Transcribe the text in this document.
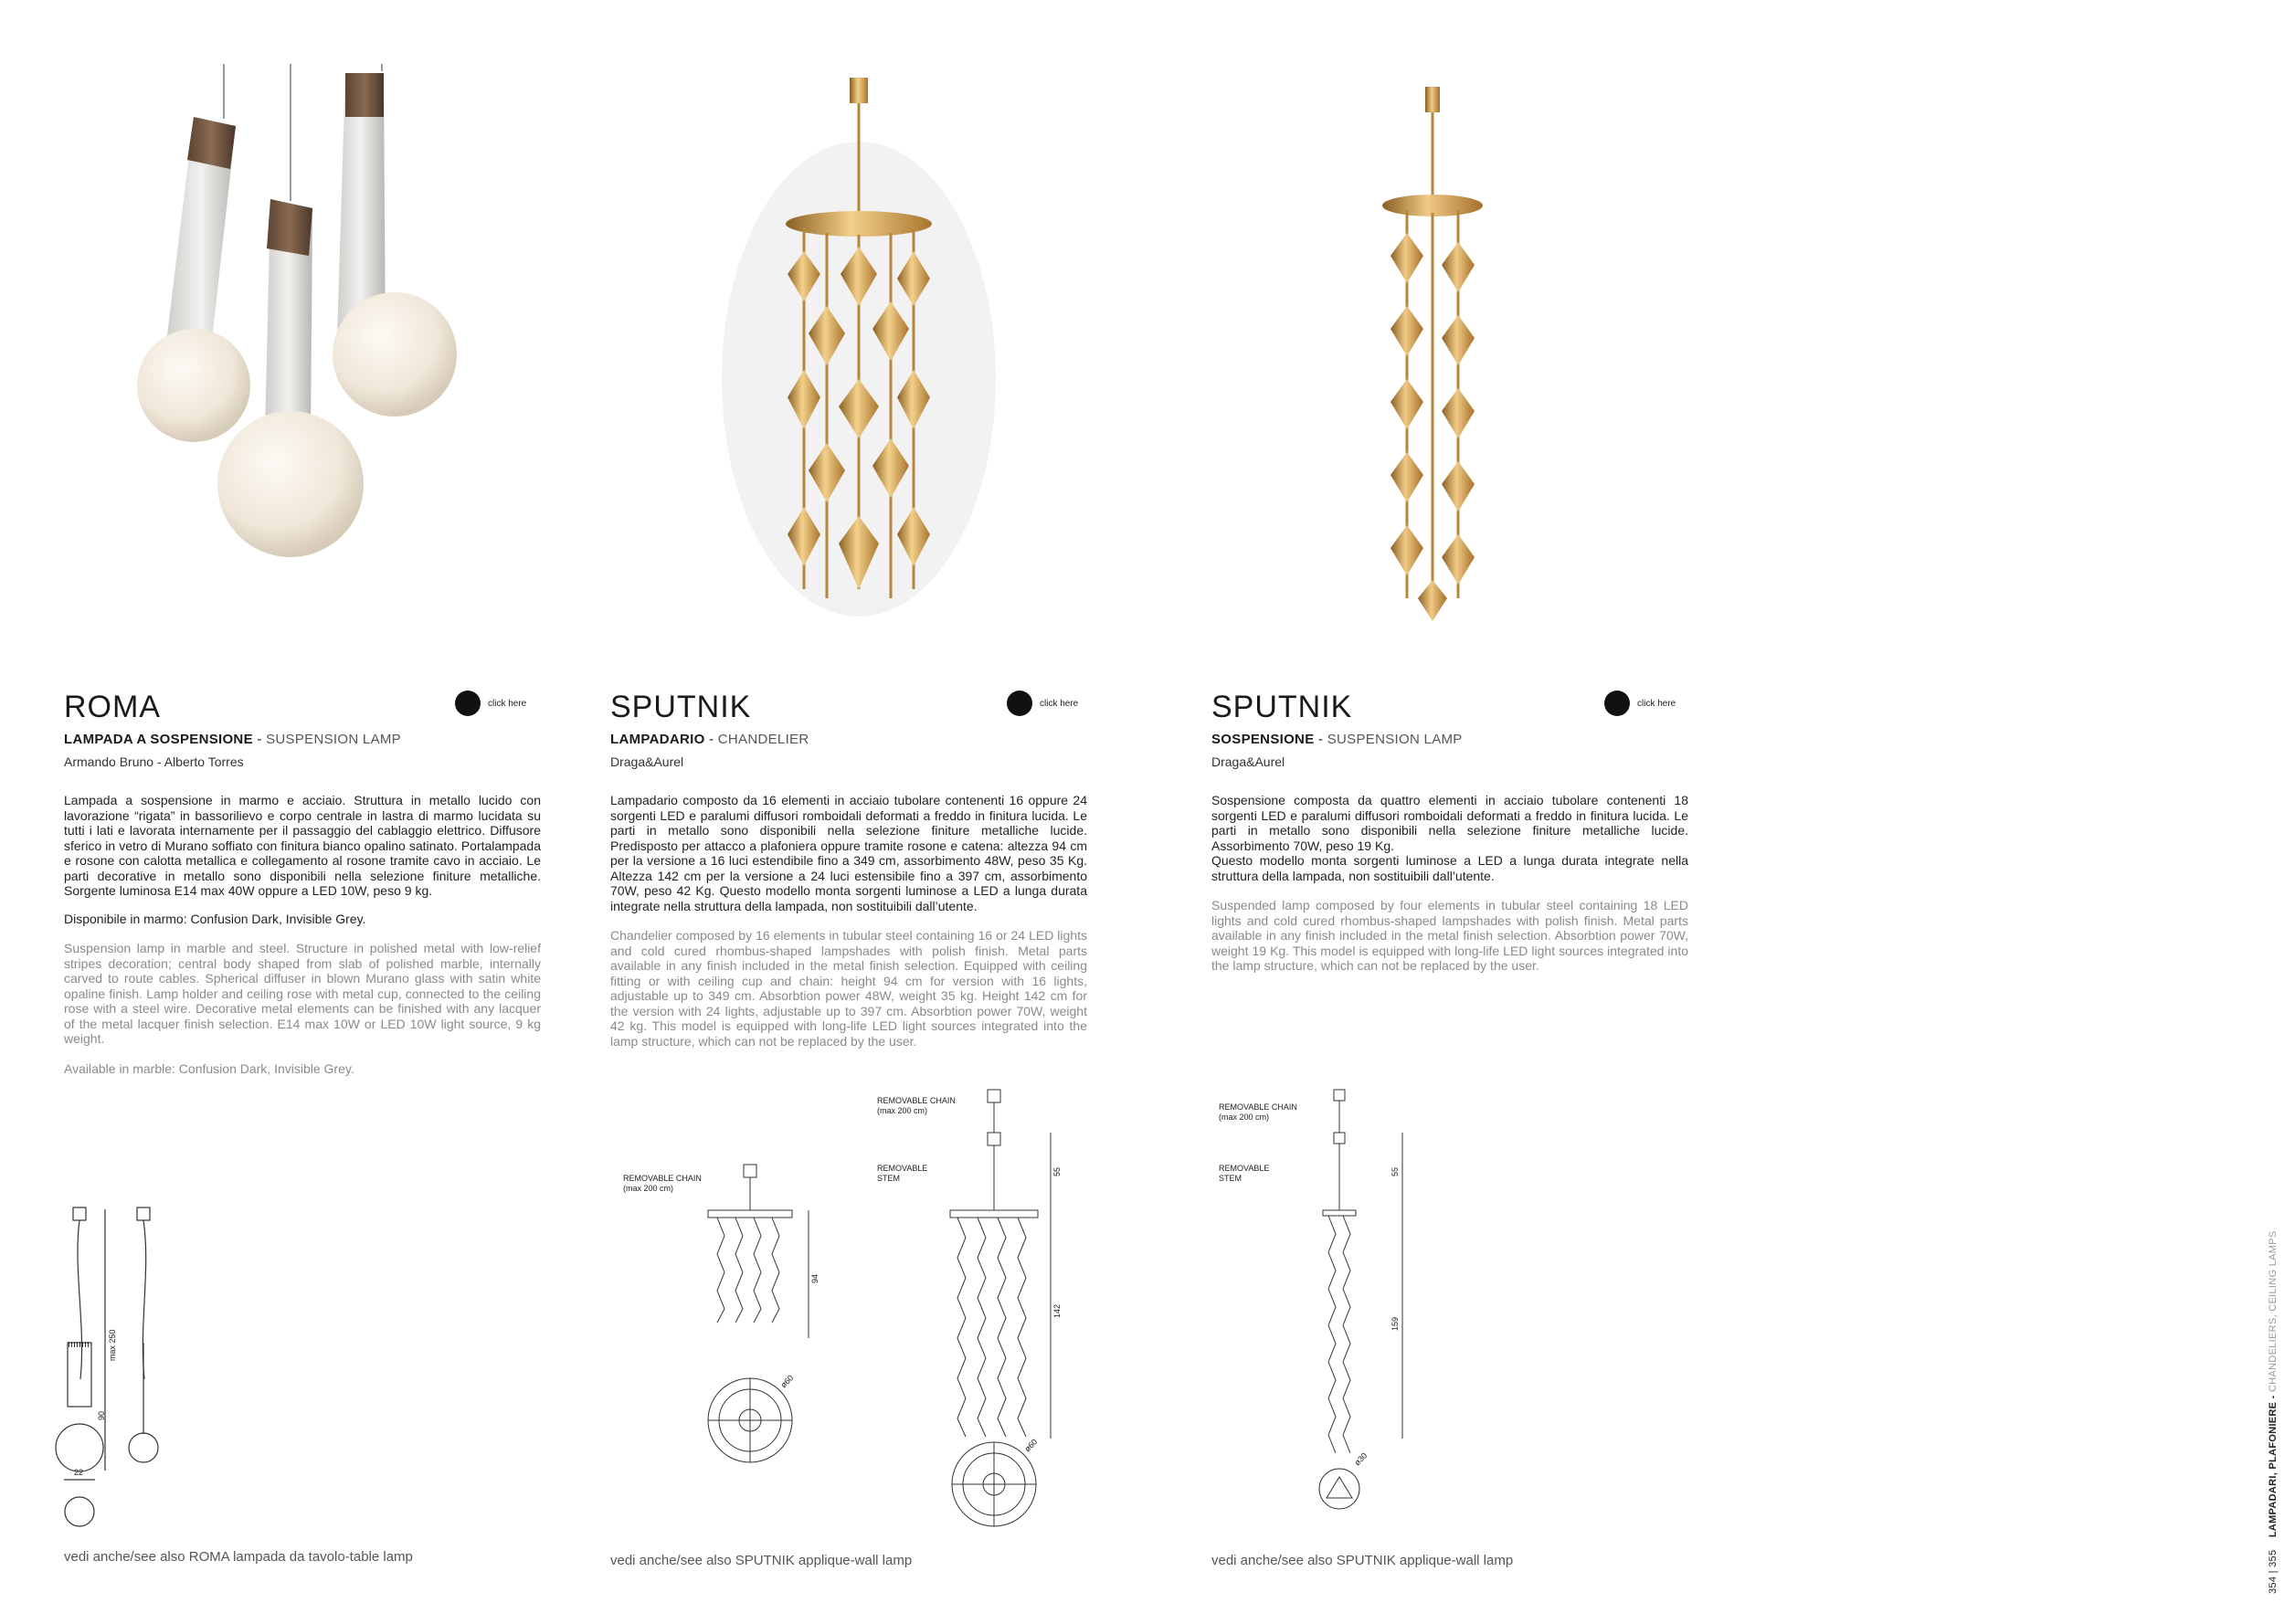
ROMA
LAMPADA A SOSPENSIONE - SUSPENSION LAMP
Armando Bruno - Alberto Torres
Lampada a sospensione in marmo e acciaio. Struttura in metallo lucido con lavorazione “rigata” in bassorilievo e corpo centrale in lastra di marmo lucidata su tutti i lati e lavorata internamente per il passaggio del cablaggio elettrico. Diffusore sferico in vetro di Murano soffiato con finitura bianco opalino satinato. Portalampada e rosone con calotta metallica e collegamento al rosone tramite cavo in acciaio. Le parti decorative in metallo sono disponibili nella selezione finiture metalliche. Sorgente luminosa E14 max 40W oppure a LED 10W, peso 9 kg.
Disponibile in marmo: Confusion Dark, Invisible Grey.
Suspension lamp in marble and steel. Structure in polished metal with low-relief stripes decoration; central body shaped from slab of polished marble, internally carved to route cables. Spherical diffuser in blown Murano glass with satin white opaline finish. Lamp holder and ceiling rose with metal cup, connected to the ceiling rose with a steel wire. Decorative metal elements can be finished with any lacquer of the metal lacquer finish selection. E14 max 10W or LED 10W light source, 9 kg weight.
Available in marble: Confusion Dark, Invisible Grey.
SPUTNIK
LAMPADARIO - CHANDELIER
Draga&Aurel
Lampadario composto da 16 elementi in acciaio tubolare contenenti 16 oppure 24 sorgenti LED e paralumi diffusori romboidali deformati a freddo in finitura lucida. Le parti in metallo sono disponibili nella selezione finiture metalliche lucide. Predisposto per attacco a plafoniera oppure tramite rosone e catena: altezza 94 cm per la versione a 16 luci estendibile fino a 349 cm, assorbimento 48W, peso 35 Kg. Altezza 142 cm per la versione a 24 luci estensibile fino a 397 cm, assorbimento 70W, peso 42 Kg. Questo modello monta sorgenti luminose a LED a lunga durata integrate nella struttura della lampada, non sostituibili dall’utente.
Chandelier composed by 16 elements in tubular steel containing 16 or 24 LED lights and cold cured rhombus-shaped lampshades with polish finish. Metal parts available in any finish included in the metal finish selection. Equipped with ceiling fitting or with ceiling cup and chain: height 94 cm for version with 16 lights, adjustable up to 349 cm. Absorbtion power 48W, weight 35 kg. Height 142 cm for the version with 24 lights, adjustable up to 397 cm. Absorbtion power 70W, weight 42 kg. This model is equipped with long-life LED light sources integrated into the lamp structure, which can not be replaced by the user.
SPUTNIK
SOSPENSIONE - SUSPENSION LAMP
Draga&Aurel
Sospensione composta da quattro elementi in acciaio tubolare contenenti 18 sorgenti LED e paralumi diffusori romboidali deformati a freddo in finitura lucida. Le parti in metallo sono disponibili nella selezione finiture metalliche lucide. Assorbimento 70W, peso 19 Kg.
Questo modello monta sorgenti luminose a LED a lunga durata integrate nella struttura della lampada, non sostituibili dall’utente.
Suspended lamp composed by four elements in tubular steel containing 18 LED lights and cold cured rhombus-shaped lampshades with polish finish. Metal parts available in any finish included in the metal finish selection. Absorbtion power 70W, weight 19 Kg. This model is equipped with long-life LED light sources integrated into the lamp structure, which can not be replaced by the user.
click here	click here	click here
max 250
90
22
REMOVABLE CHAIN
(max 200 cm)
94
ø60
REMOVABLE CHAIN
(max 200 cm)
REMOVABLE
STEM
55
142
ø60
REMOVABLE CHAIN
(max 200 cm)
REMOVABLE
STEM
55
159
ø30
vedi anche/see also ROMA lampada da tavolo-table lamp	vedi anche/see also SPUTNIK applique-wall lamp	vedi anche/see also SPUTNIK applique-wall lamp	354 | 355    LAMPADARI, PLAFONIERE - CHANDELIERS, CEILING LAMPS
